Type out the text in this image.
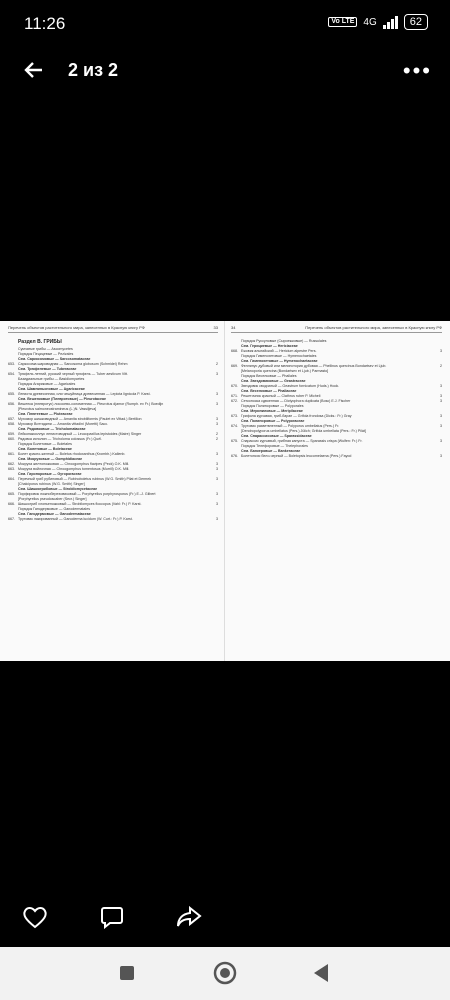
11:26	Vo LTE 4G	62
2 из 2	•••
Перечень объектов растительного мира, занесенных в Красную книгу РФ	33
Раздел В. ГРИБЫ
Сумчатые грибы — Ascomycetes
Порядок Пецицевые — Pezizales
Сем. Саркосомовые — Sarcosomataceae
653. Саркосома шаровидная — Sarcosoma globosum (Schmidel) Rehm	2
Сем. Трюфелевые — Tuberaceae
654. Трюфель летний, русский черный трюфель — Tuber aestivum Vitt.	3
Базидиальные грибы — Basidiomycetes
Порядок Агариковые — Agaricales
Сем. Шампиньоновые — Agaricaceae
655. Лепиота древесинная, или чешуйница древесинная — Lepiota lignicola P. Karst.	3
Сем. Вешенковые (Плевротовые) — Pleurotaceae
656. Вешенка (плевротус) лососево-соломенная — Pleurotus djamor (Rumph. ex Fr.) Boedijn	3
[Pleurotus salmoneostramineus (L.)N. Vassiljeva]
Сем. Плютеевые — Pluteaceae
657. Мухомор шишковидный — Amanita strobiliformis (Paulet ex Vittad.) Bertillon	3
658. Мухомор Виттадини — Amanita vittadini (Moretti) Sacc.	3
Сем. Рядовковые — Tricholomataceae
659. Лейкопаксиллус лепистовидный — Leucopaxillus lepistoides (Maire) Singer	2
660. Рядовка исполин — Tricholoma colossus (Fr.) Quél.	2
Порядок Болетовые — Boletales
Сем. Болетовые — Boletaceae
661. Болет красно-желтый — Boletus rhodoxanthus (Krombh.) Kallenb.	3
Сем. Мокруховые — Gomphidiaceae
662. Мокруха желтоножковая — Chroogomphus flavipes (Peck) O.K. Mill.	3
663. Мокруха войлочная — Chroogomphus tomentosus (Murrill) O.K. Mill.	3
Сем. Гиропоровые — Gyroporaceae
664. Перечный гриб рубиновый — Rubinoboletus rubinus (W.G. Smith) Pilat et Dermek	3
[Chalciporus rubinus (W.G. Smith) Singer]
Сем. Шишкогрибовые — Strobilomycetaceae
665. Порфировик ложнобереэовиковый — Porphyrellus porphyrosporus (Fr.) E.-J. Gilbert	3
[Porphyrellus pseudoscaber (Secr.) Singer]
666. Шишкогриб хлопьеножковый — Strobilomyces floccopus (Vahl: Fr.) P. Karst.	3
Порядок Ганодермовые — Ganodermatales
Сем. Ганодермовые — Ganodermataceae
667. Трутовик лакированный — Ganoderma lucidum (W. Curt.: Fr.) P. Karst.	3
34	Перечень объектов растительного мира, занесенных в Красную книгу РФ
Порядок Руссуловые (Сыроежковые) — Russulales
Сем. Герициевые — Hericiaceae
668. Ежовик альпийский — Hericium alpestre Pers.	3
Порядок Гименохетовые — Hymenochaetales
Сем. Гименохетовые — Hymenochaetaceae
669. Феллинус дубовый или мелинотория дубовая — Phellinus quercinus Bondartsev et Ljub.	2
[Melanoporia quercina (Bondartsev et Ljub.) Parmasto]
Порядок Веселковые — Phallales
Сем. Звездовиковые — Geastraceae
670. Звездовик сводчатый — Geastrum fornicatum (Huds.) Hook.	3
Сем. Веселковые — Phallaceae
671. Решеточник красный — Clathrus ruber P. Micheli	3
672. Сетконоска сдвоенная — Dictyophora duplicata (Bosc) E.J. Fischer	3
Порядок Полипоровые — Polyporales
Сем. Мерипиловые — Meripilaceae
673. Грифола курчавая, гриб-баран — Grifola frondosa (Dicks.: Fr.) Gray	3
Сем. Полипоровые — Polyporaceae
674. Трутовик разветвленный — Polyporus umbellatus (Pers.) Fr.	3
[Dendropolyporus umbellatus (Pers.) Jülich; Grifola umbellata (Pers.: Fr.) Pilát]
Сем. Спарассисовые — Sparassidaceae
675. Спарассис курчавый, грибная капуста — Sparassis crispa (Wulfen: Fr.) Fr.	3
Порядок Телефоровые — Thelephorales
Сем. Банкеровые — Bankeraceae
676. Болетопсис бело-черный — Boletopsis leucomelaena (Pers.) Fayod	3
